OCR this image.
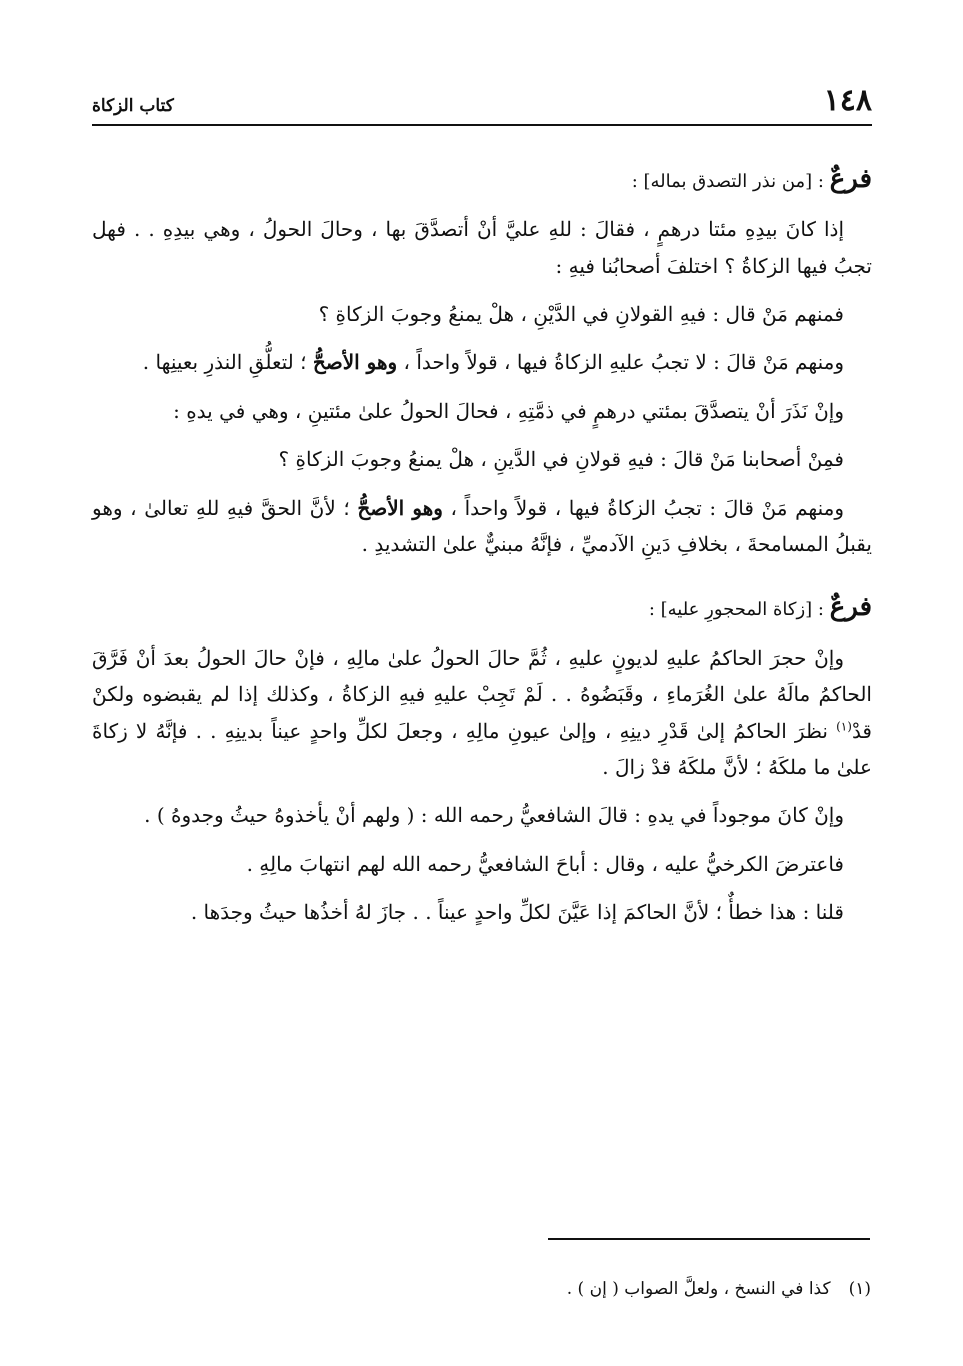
١٤٨
كتاب الزكاة
فرعٌ : [من نذر التصدق بماله] :

إذا كانَ بيدِهِ مئتا درهمٍ ، فقالَ : للهِ عليَّ أنْ أتصدَّقَ بها ، وحالَ الحولُ ، وهي بيدِهِ . . فهل تجبُ فيها الزكاةُ ؟ اختلفَ أصحابُنا فيهِ :

فمنهم مَنْ قال : فيهِ القولانِ في الدَّيْنِ ، هلْ يمنعُ وجوبَ الزكاةِ ؟

ومنهم مَنْ قالَ : لا تجبُ عليهِ الزكاةُ فيها ، قولاً واحداً ، وهو الأصحُّ ؛ لتعلُّقِ النذرِ بعينِها .

وإنْ نَذَرَ أنْ يتصدَّقَ بمئتي درهمٍ في ذمَّتِهِ ، فحالَ الحولُ علىٰ مئتينِ ، وهي في يدهِ :

فمِنْ أصحابنا مَنْ قالَ : فيهِ قولانِ في الدَّينِ ، هلْ يمنعُ وجوبَ الزكاةِ ؟

ومنهم مَنْ قالَ : تجبُ الزكاةُ فيها ، قولاً واحداً ، وهو الأصحُّ ؛ لأنَّ الحقَّ فيهِ للهِ تعالىٰ ، وهو يقبلُ المسامحةَ ، بخلافِ دَينِ الآدميِّ ، فإنَّهُ مبنيٌّ علىٰ التشديدِ .

فرعٌ : [زكاة المحجورِ عليه] :

وإنْ حجرَ الحاكمُ عليهِ لديونٍ عليهِ ، ثُمَّ حالَ الحولُ علىٰ مالِهِ ، فإنْ حالَ الحولُ بعدَ أنْ فَرَّقَ الحاكمُ مالَهُ علىٰ الغُرَماءِ ، وقَبَضُوهُ . . لَمْ تَجِبْ عليهِ فيهِ الزكاةُ ، وكذلك إذا لم يقبضوه ولكنْ قدْ$^{(١)}$ نظرَ الحاكمُ إلىٰ قَدْرِ دينِهِ ، وإلىٰ عيونِ مالِهِ ، وجعلَ لكلِّ واحدٍ عيناً بدينِهِ . . فإنَّهُ لا زكاةَ علىٰ ما ملكَهُ ؛ لأنَّ ملكَهُ قدْ زالَ .

وإنْ كانَ موجوداً في يدهِ : قالَ الشافعيُّ رحمه الله : ( ولهم أنْ يأخذوهُ حيثُ وجدوهُ ) .

فاعترضَ الكرخيُّ عليه ، وقال : أباحَ الشافعيُّ رحمه الله لهم انتهابَ مالِهِ .

قلنا : هذا خطأٌ ؛ لأنَّ الحاكمَ إذا عَيَّنَ لكلِّ واحدٍ عيناً . . جازَ لهُ أخذُها حيثُ وجدَها .

(١)كذا في النسخ ، ولعلَّ الصواب ( إن ) .
